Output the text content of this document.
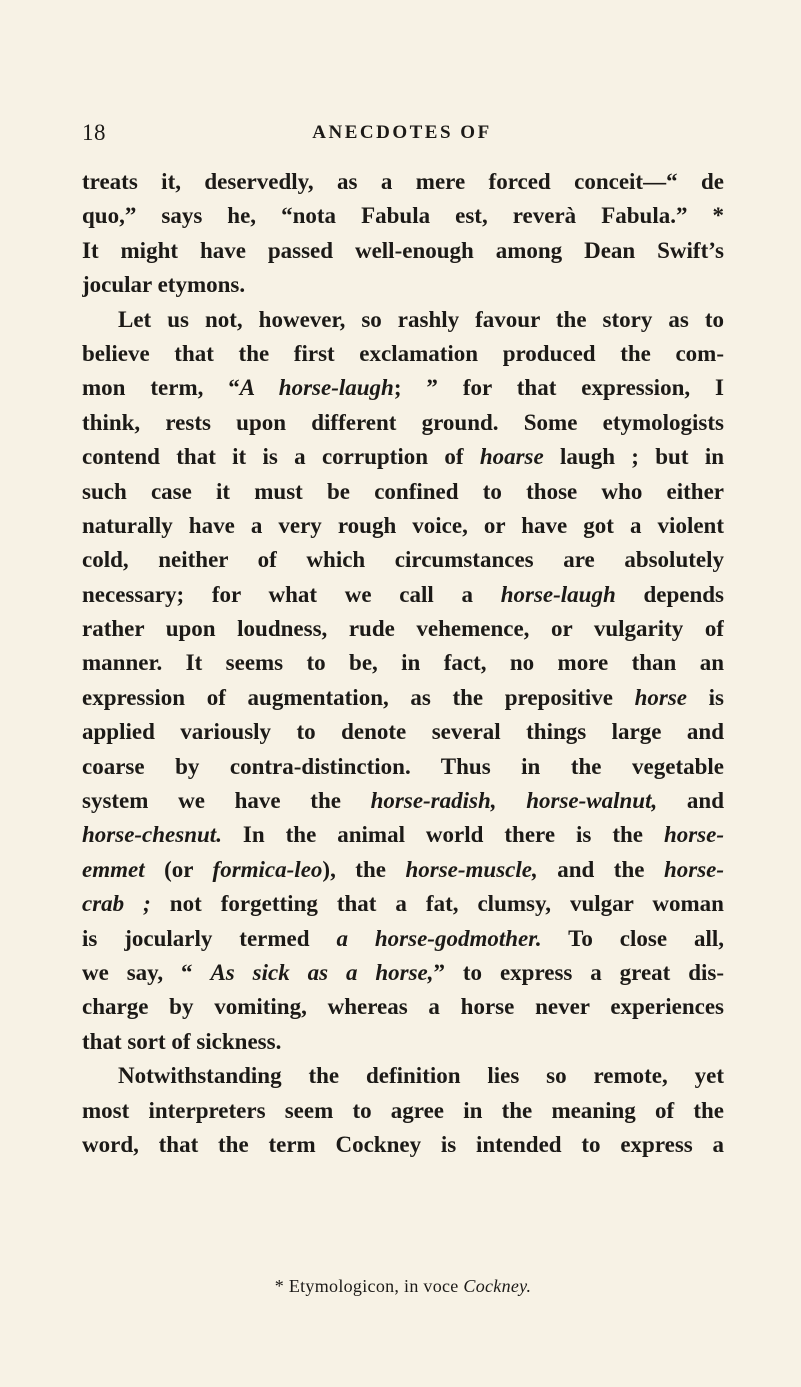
18	ANECDOTES OF
treats it, deservedly, as a mere forced conceit—“ de
quo,” says he, “nota Fabula est, reverà Fabula.” *
It might have passed well-enough among Dean Swift’s
jocular etymons.
Let us not, however, so rashly favour the story as to
believe that the first exclamation produced the com-
mon term, “A horse-laugh; ” for that expression, I
think, rests upon different ground. Some etymologists
contend that it is a corruption of hoarse laugh ; but in
such case it must be confined to those who either
naturally have a very rough voice, or have got a violent
cold, neither of which circumstances are absolutely
necessary; for what we call a horse-laugh depends
rather upon loudness, rude vehemence, or vulgarity of
manner. It seems to be, in fact, no more than an
expression of augmentation, as the prepositive horse is
applied variously to denote several things large and
coarse by contra-distinction. Thus in the vegetable
system we have the horse-radish, horse-walnut, and
horse-chesnut. In the animal world there is the horse-
emmet (or formica-leo), the horse-muscle, and the horse-
crab ; not forgetting that a fat, clumsy, vulgar woman
is jocularly termed a horse-godmother. To close all,
we say, “ As sick as a horse,” to express a great dis-
charge by vomiting, whereas a horse never experiences
that sort of sickness.
Notwithstanding the definition lies so remote, yet
most interpreters seem to agree in the meaning of the
word, that the term Cockney is intended to express a
* Etymologicon, in voce Cockney.
